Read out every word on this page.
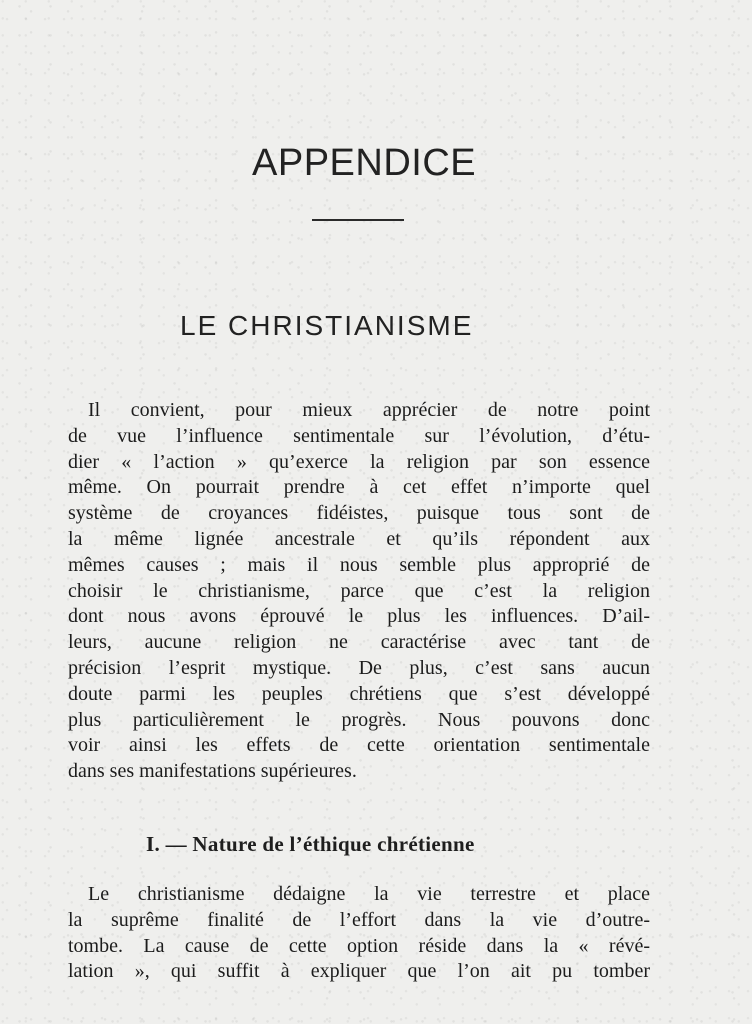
APPENDICE
LE CHRISTIANISME
Il convient, pour mieux apprécier de notre point
de vue l’influence sentimentale sur l’évolution, d’étu-
dier « l’action » qu’exerce la religion par son essence
même. On pourrait prendre à cet effet n’importe quel
système de croyances fidéistes, puisque tous sont de
la même lignée ancestrale et qu’ils répondent aux
mêmes causes ; mais il nous semble plus approprié de
choisir le christianisme, parce que c’est la religion
dont nous avons éprouvé le plus les influences. D’ail-
leurs, aucune religion ne caractérise avec tant de
précision l’esprit mystique. De plus, c’est sans aucun
doute parmi les peuples chrétiens que s’est développé
plus particulièrement le progrès. Nous pouvons donc
voir ainsi les effets de cette orientation sentimentale
dans ses manifestations supérieures.
I. — Nature de l’éthique chrétienne
Le christianisme dédaigne la vie terrestre et place
la suprême finalité de l’effort dans la vie d’outre-
tombe. La cause de cette option réside dans la « révé-
lation », qui suffit à expliquer que l’on ait pu tomber
